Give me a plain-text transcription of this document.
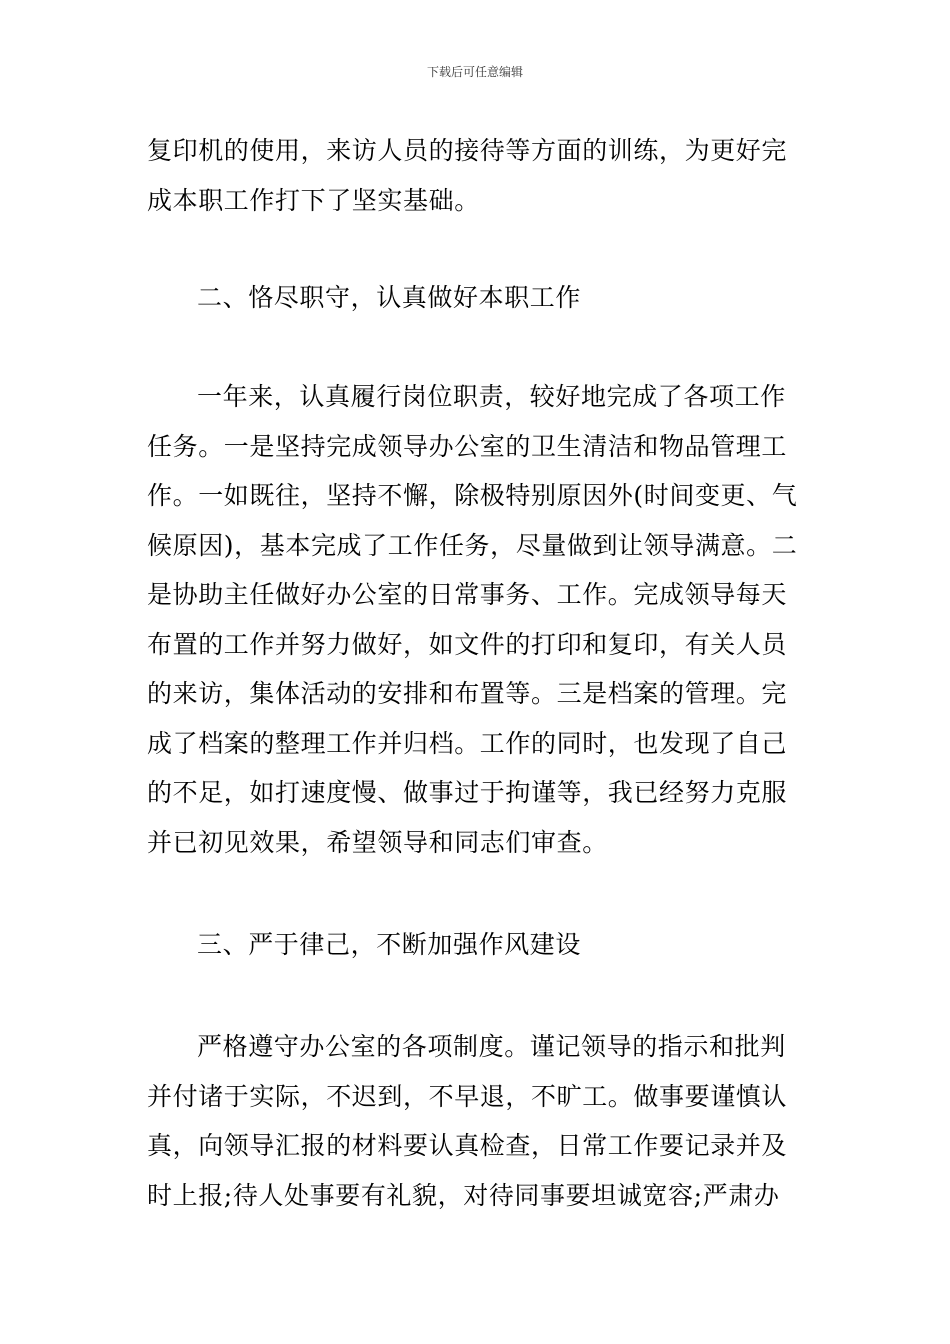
下载后可任意编辑
复印机的使用，来访人员的接待等方面的训练，为更好完
成本职工作打下了坚实基础。
二、恪尽职守，认真做好本职工作
一年来，认真履行岗位职责，较好地完成了各项工作
任务。一是坚持完成领导办公室的卫生清洁和物品管理工
作。一如既往，坚持不懈，除极特别原因外(时间变更、气
候原因)，基本完成了工作任务，尽量做到让领导满意。二
是协助主任做好办公室的日常事务、工作。完成领导每天
布置的工作并努力做好，如文件的打印和复印，有关人员
的来访，集体活动的安排和布置等。三是档案的管理。完
成了档案的整理工作并归档。工作的同时，也发现了自己
的不足，如打速度慢、做事过于拘谨等，我已经努力克服
并已初见效果，希望领导和同志们审查。
三、严于律己，不断加强作风建设
严格遵守办公室的各项制度。谨记领导的指示和批判
并付诸于实际，不迟到，不早退，不旷工。做事要谨慎认
真，向领导汇报的材料要认真检查，日常工作要记录并及
时上报;待人处事要有礼貌，对待同事要坦诚宽容;严肃办
